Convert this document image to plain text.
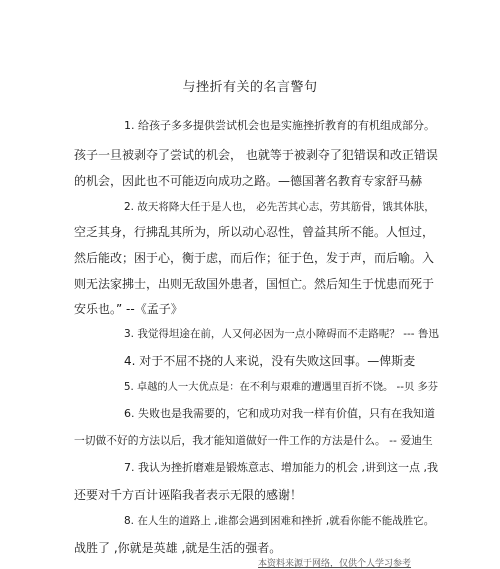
与挫折有关的名言警句
1. 给孩子多多提供尝试机会也是实施挫折教育的有机组成部分。
孩子一旦被剥夺了尝试的机会， 也就等于被剥夺了犯错误和改正错误
的机会，因此也不可能迈向成功之路。—德国著名教育专家舒马赫
2. 故天将降大任于是人也， 必先苦其心志，劳其筋骨，饿其体肤，
空乏其身，行拂乱其所为，所以动心忍性，曾益其所不能。人恒过，
然后能改；困于心，衡于虑，而后作；征于色，发于声，而后喻。入
则无法家拂士，出则无敌国外患者，国恒亡。然后知生于忧患而死于
安乐也。” --《孟子》
3. 我觉得坦途在前，人又何必因为一点小障碍而不走路呢？ --- 鲁迅
4. 对于不屈不挠的人来说，没有失败这回事。—俾斯麦
5. 卓越的人一大优点是：在不利与艰难的遭遇里百折不饶。 --贝 多芬
6. 失败也是我需要的，它和成功对我一样有价值，只有在我知道
一切做不好的方法以后，我才能知道做好一件工作的方法是什么。 -- 爱迪生
7. 我认为挫折磨难是锻炼意志、增加能力的机会 ,讲到这一点 ,我
还要对千方百计诬陷我者表示无限的感谢！
8. 在人生的道路上 ,谁都会遇到困难和挫折 ,就看你能不能战胜它。
战胜了 ,你就是英雄 ,就是生活的强者。
本资料来源于网络，仅供个人学习参考
